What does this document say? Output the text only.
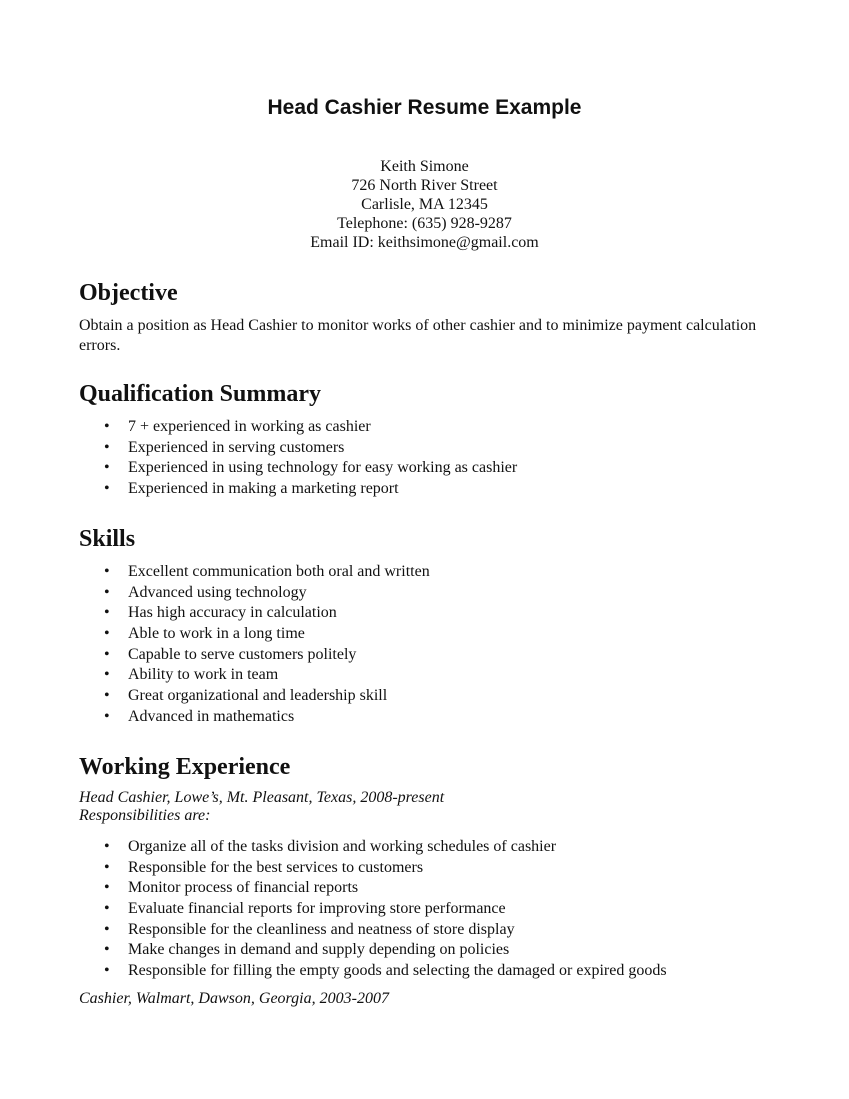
Head Cashier Resume Example
Keith Simone
726 North River Street
Carlisle, MA 12345
Telephone: (635) 928-9287
Email ID: keithsimone@gmail.com
Objective
Obtain a position as Head Cashier to monitor works of other cashier and to minimize payment calculation errors.
Qualification Summary
• 7 + experienced in working as cashier
• Experienced in serving customers
• Experienced in using technology for easy working as cashier
• Experienced in making a marketing report
Skills
• Excellent communication both oral and written
• Advanced using technology
• Has high accuracy in calculation
• Able to work in a long time
• Capable to serve customers politely
• Ability to work in team
• Great organizational and leadership skill
• Advanced in mathematics
Working Experience
Head Cashier, Lowe’s, Mt. Pleasant, Texas, 2008-present
Responsibilities are:
• Organize all of the tasks division and working schedules of cashier
• Responsible for the best services to customers
• Monitor process of financial reports
• Evaluate financial reports for improving store performance
• Responsible for the cleanliness and neatness of store display
• Make changes in demand and supply depending on policies
• Responsible for filling the empty goods and selecting the damaged or expired goods
Cashier, Walmart, Dawson, Georgia, 2003-2007
